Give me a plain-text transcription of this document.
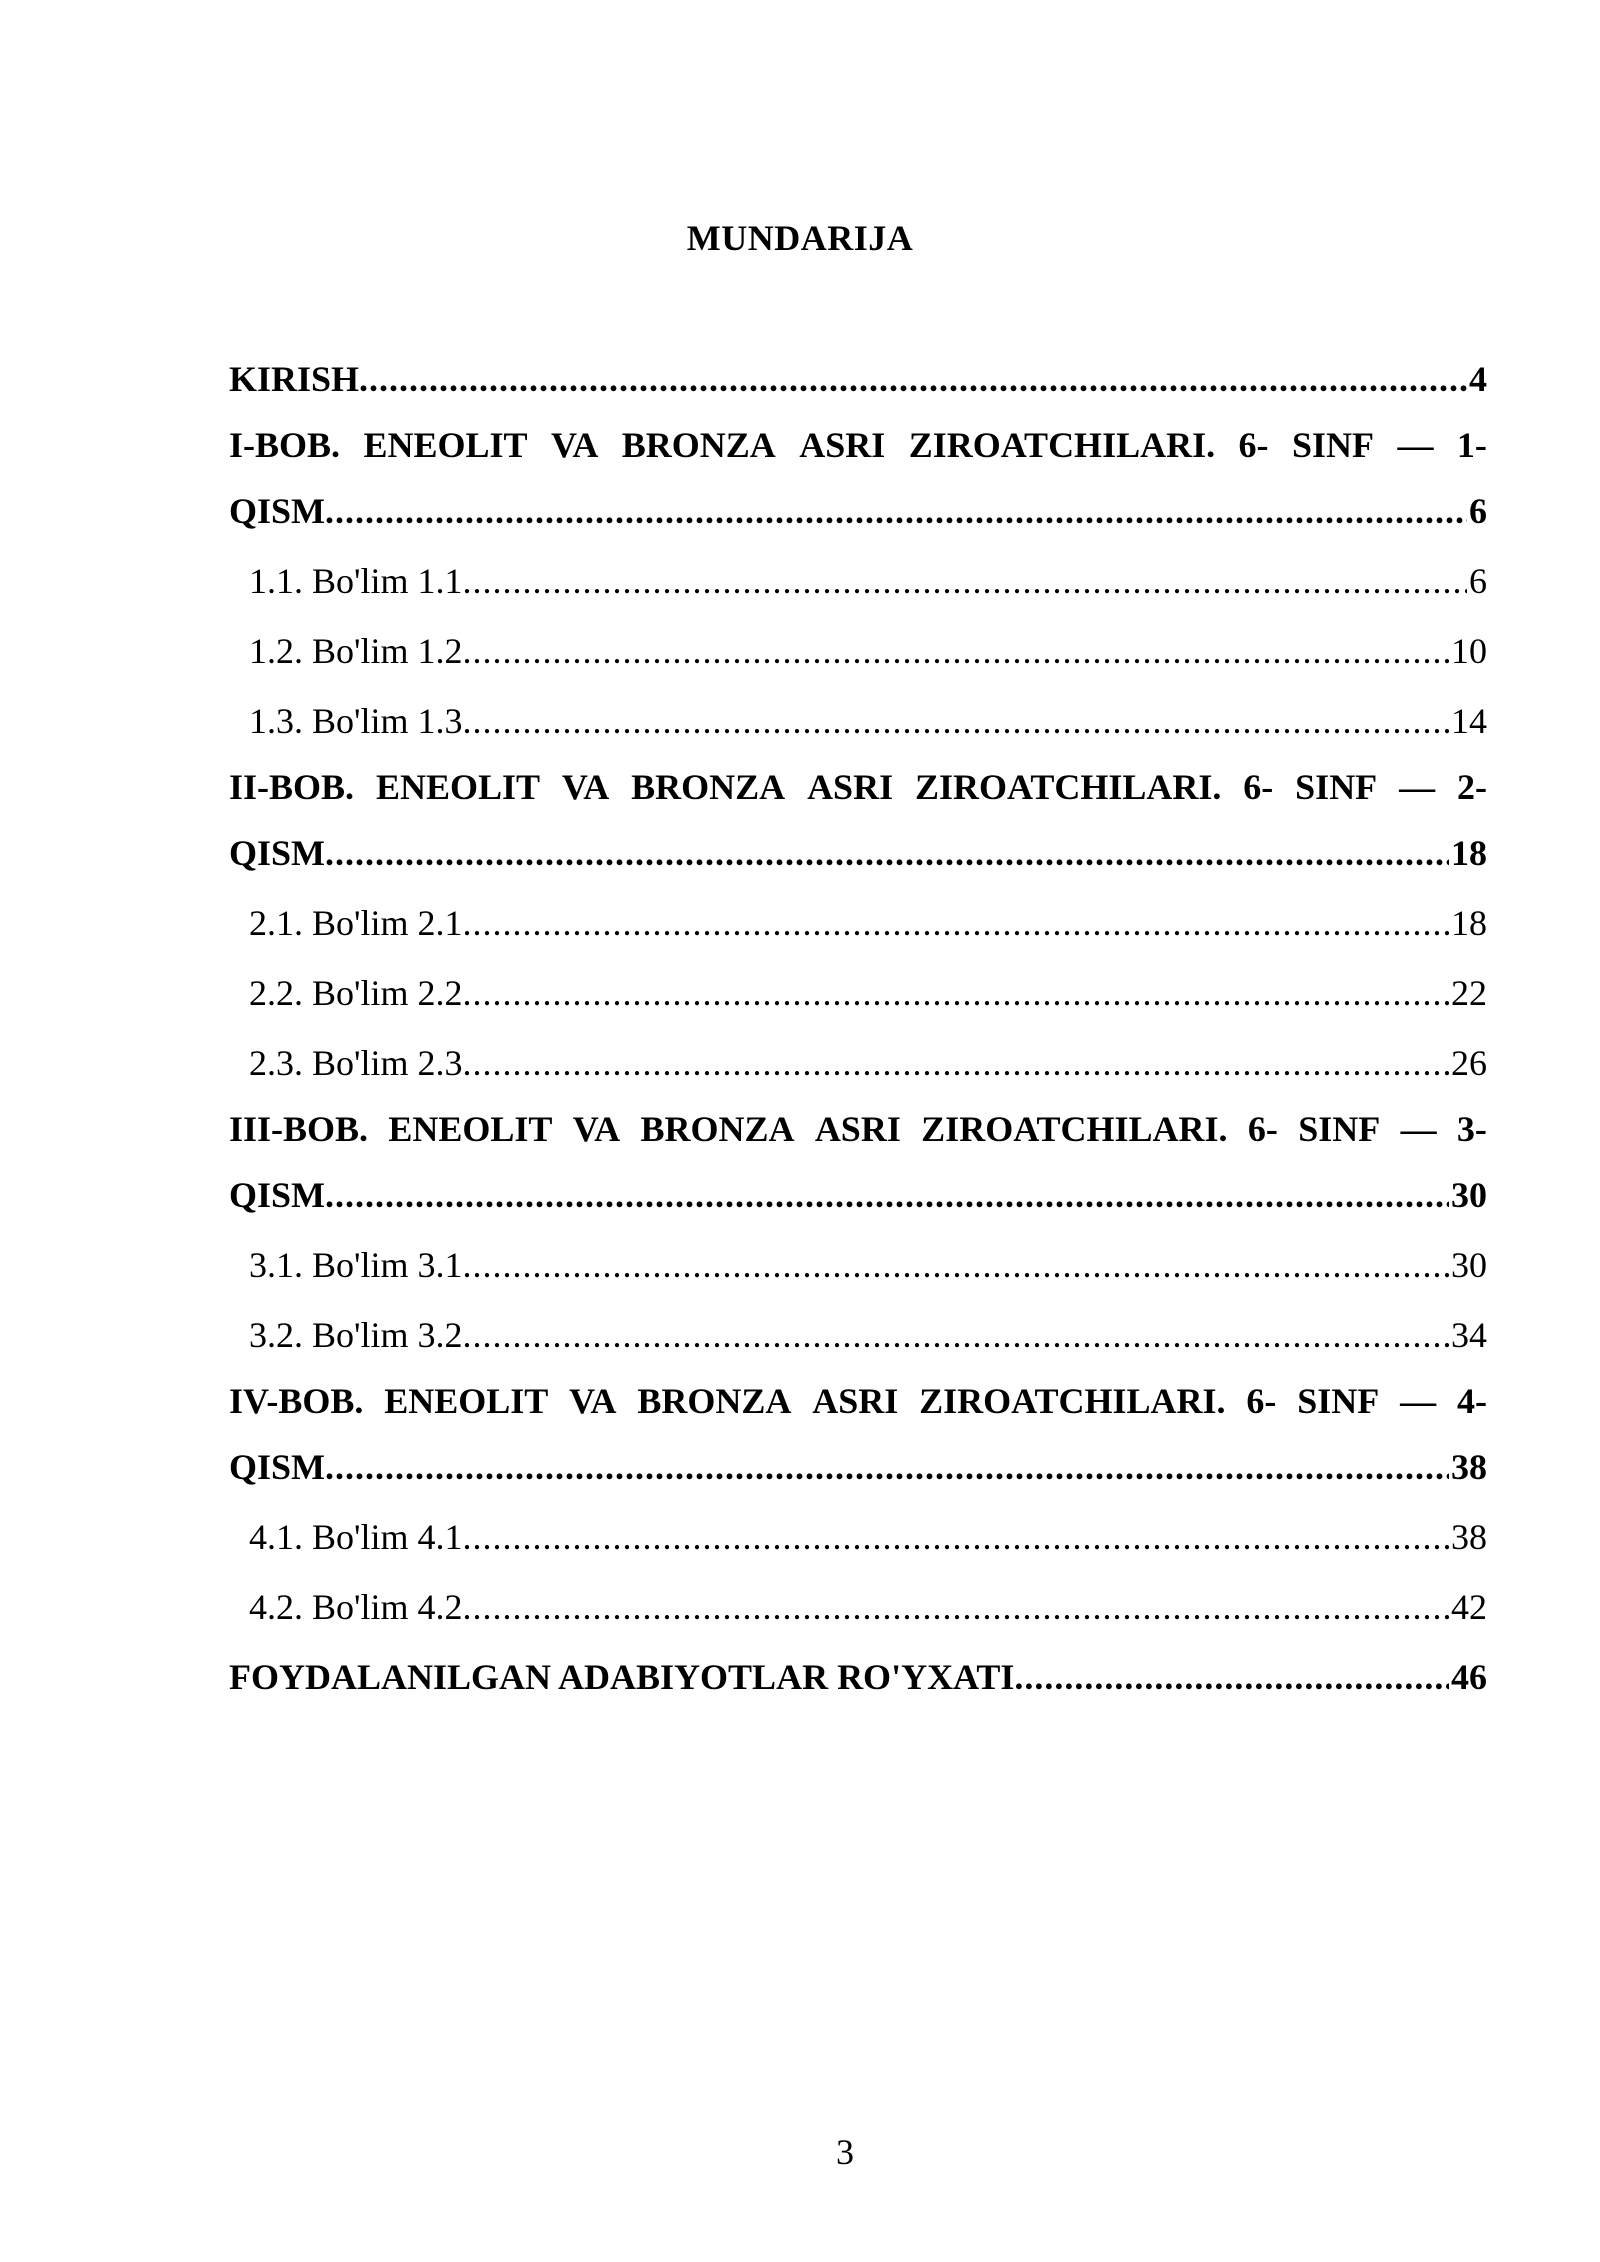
MUNDARIJA
KIRISH .....	4
I-BOB. ENEOLIT VA BRONZA ASRI ZIROATCHILARI. 6- SINF — 1-
QISM .....	6
1.1. Bo'lim 1.1 .....	6
1.2. Bo'lim 1.2 .....	10
1.3. Bo'lim 1.3 .....	14
II-BOB. ENEOLIT VA BRONZA ASRI ZIROATCHILARI. 6- SINF — 2-
QISM .....	18
2.1. Bo'lim 2.1 .....	18
2.2. Bo'lim 2.2 .....	22
2.3. Bo'lim 2.3 .....	26
III-BOB. ENEOLIT VA BRONZA ASRI ZIROATCHILARI. 6- SINF — 3-
QISM .....	30
3.1. Bo'lim 3.1 .....	30
3.2. Bo'lim 3.2 .....	34
IV-BOB. ENEOLIT VA BRONZA ASRI ZIROATCHILARI. 6- SINF — 4-
QISM .....	38
4.1. Bo'lim 4.1 .....	38
4.2. Bo'lim 4.2 .....	42
FOYDALANILGAN ADABIYOTLAR RO'YXATI .....	46
3
